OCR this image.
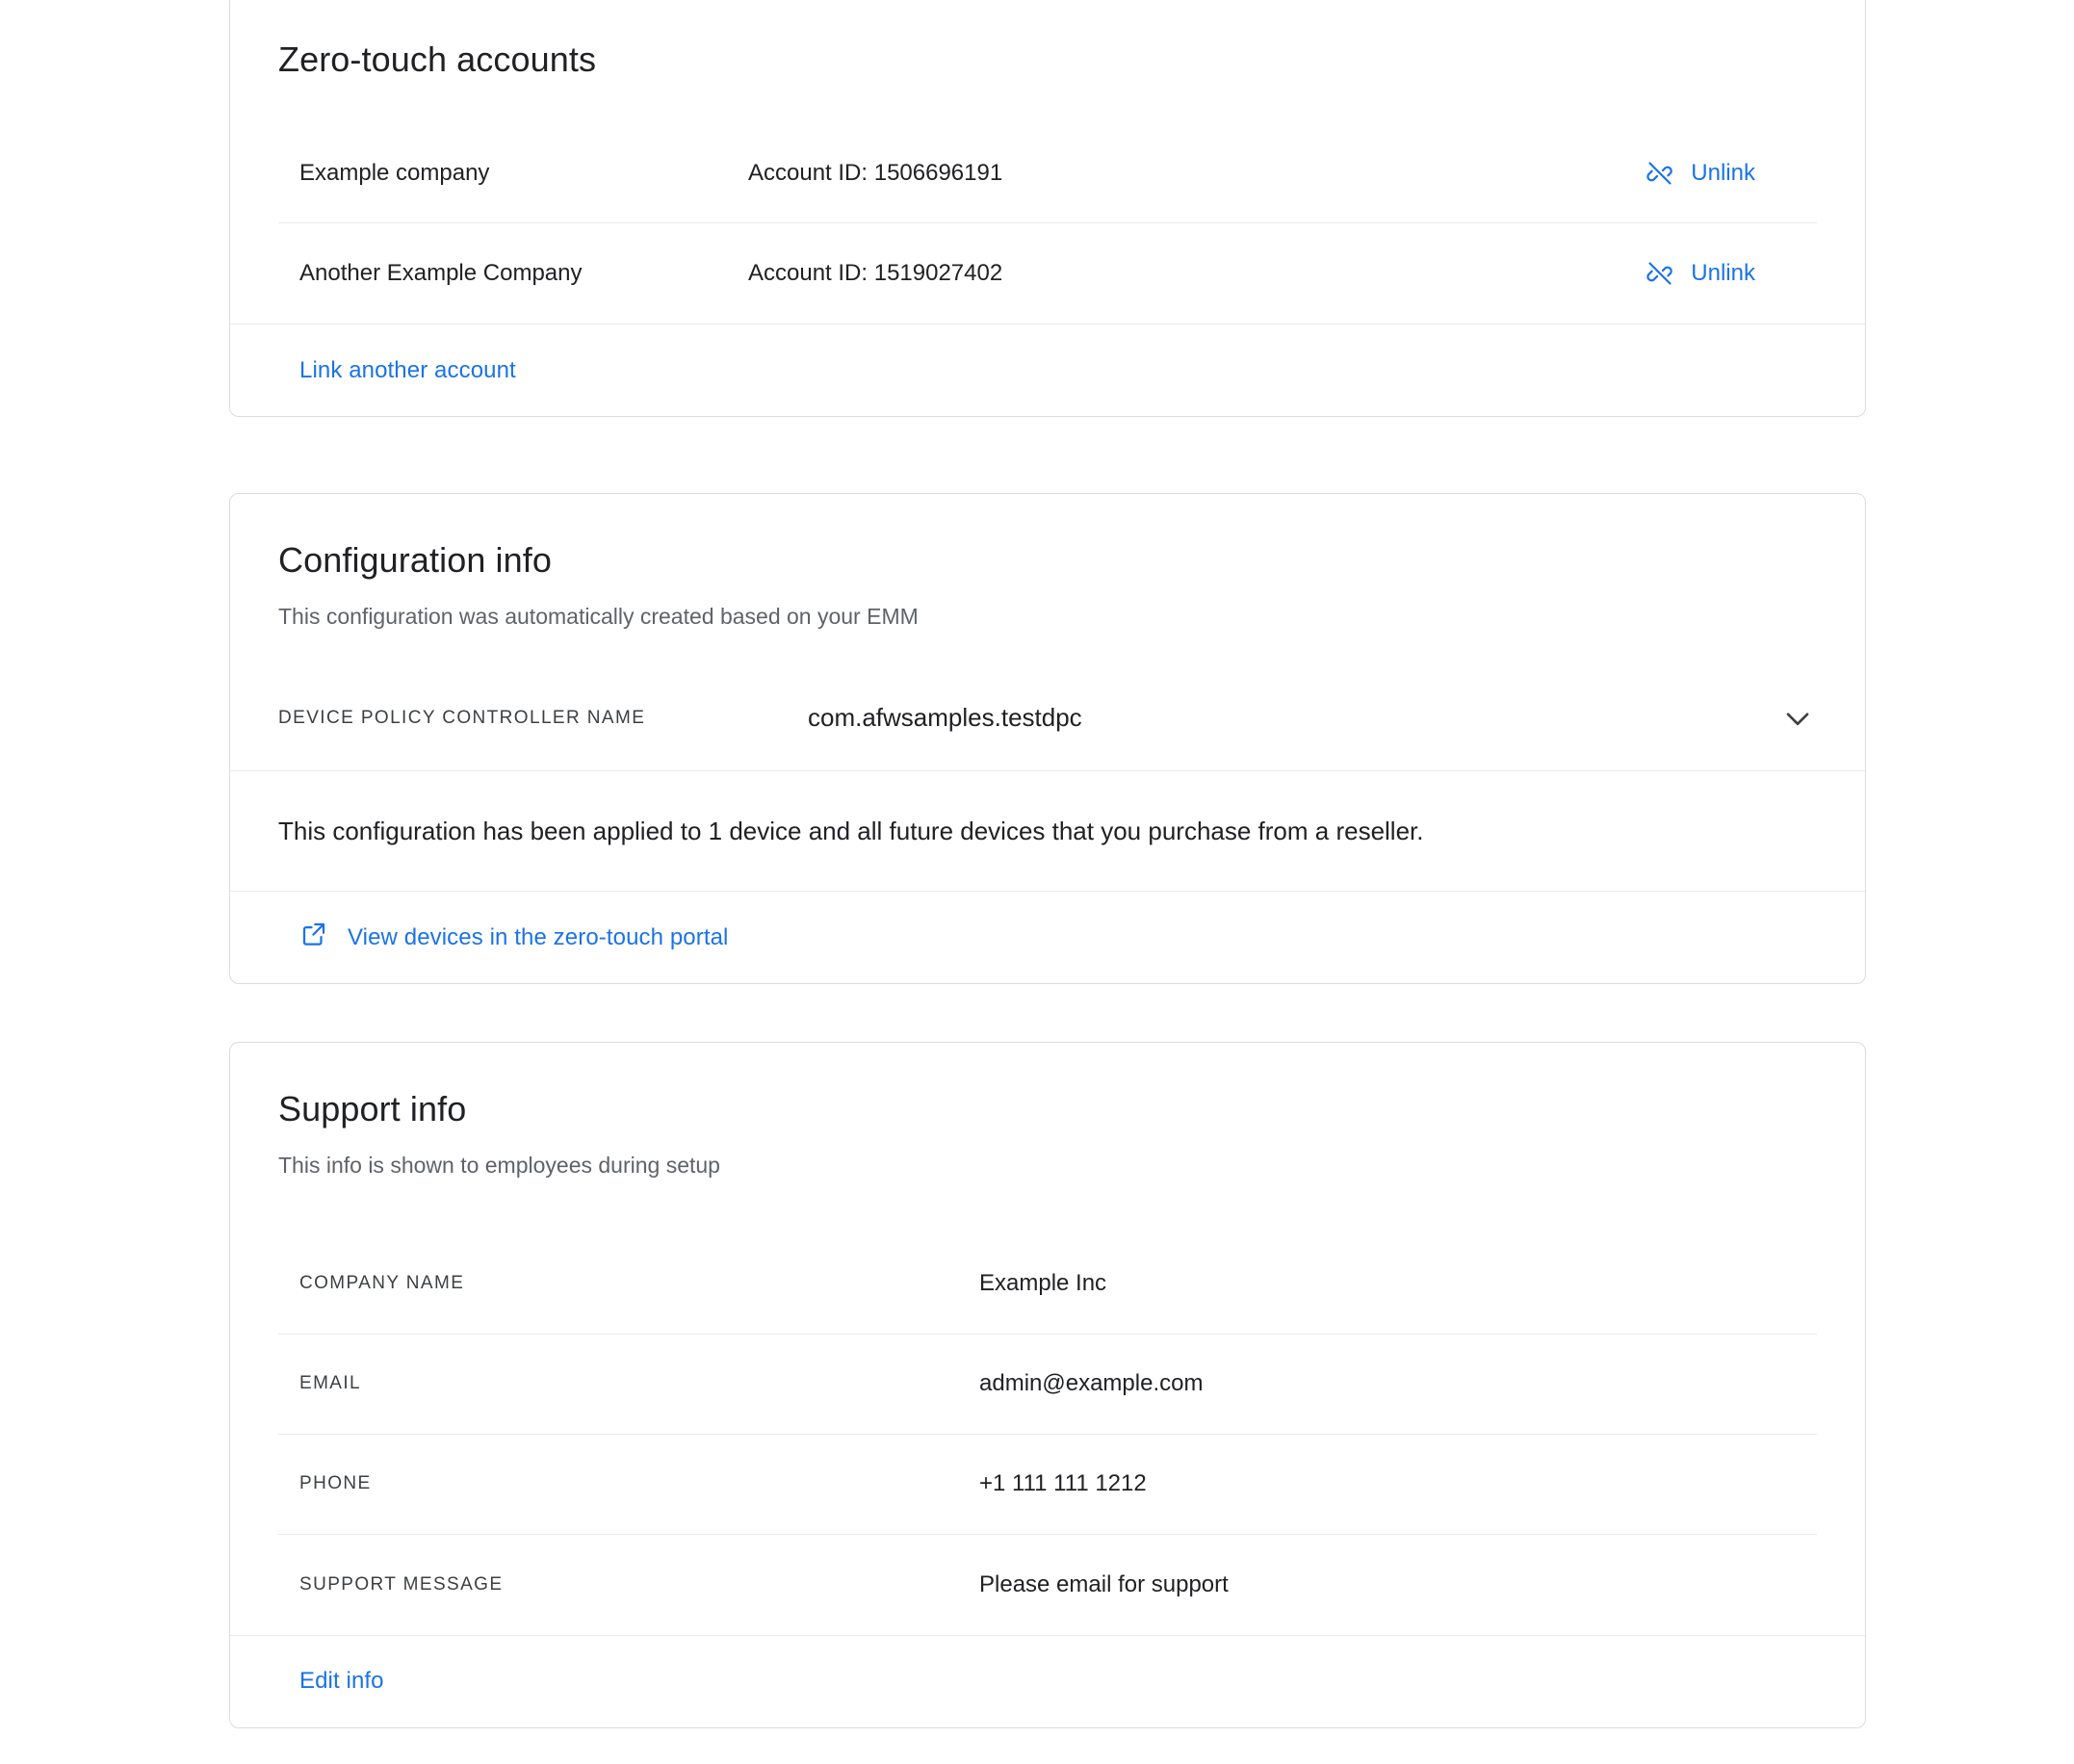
Zero-touch accounts
Example company	Account ID: 1506696191	Unlink
Another Example Company	Account ID: 1519027402	Unlink
Link another account
Configuration info
This configuration was automatically created based on your EMM
DEVICE POLICY CONTROLLER NAME	com.afwsamples.testdpc
This configuration has been applied to 1 device and all future devices that you purchase from a reseller.
View devices in the zero-touch portal
Support info
This info is shown to employees during setup
COMPANY NAME	Example Inc
EMAIL	admin@example.com
PHONE	+1 111 111 1212
SUPPORT MESSAGE	Please email for support
Edit info
